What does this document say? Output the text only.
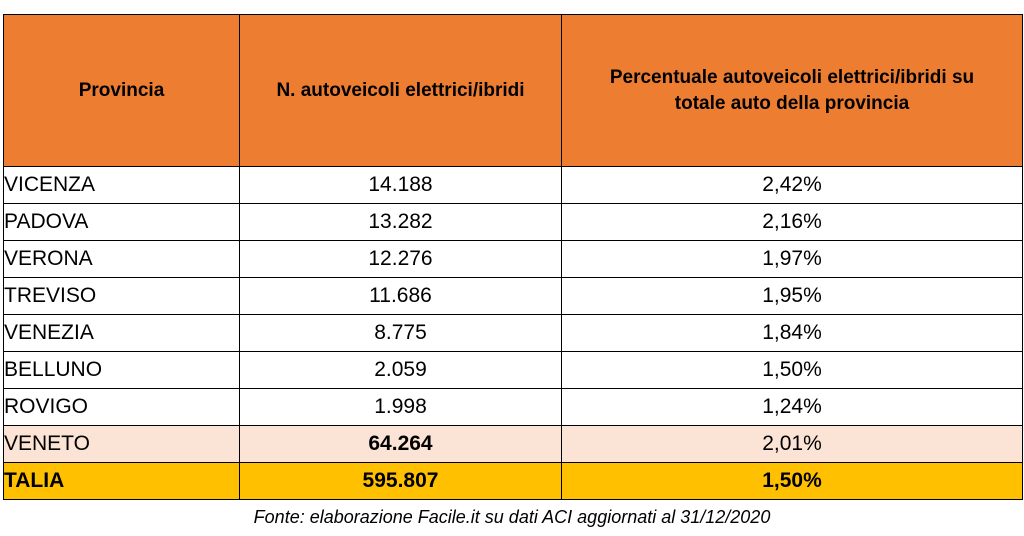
Provincia	N. autoveicoli elettrici/ibridi	Percentuale autoveicoli elettrici/ibridi su totale auto della provincia

VICENZA	14.188	2,42%
PADOVA	13.282	2,16%
VERONA	12.276	1,97%
TREVISO	11.686	1,95%
VENEZIA	8.775	1,84%
BELLUNO	2.059	1,50%
ROVIGO	1.998	1,24%
VENETO	64.264	2,01%
TALIA	595.807	1,50%
Fonte: elaborazione Facile.it su dati ACI aggiornati al 31/12/2020
